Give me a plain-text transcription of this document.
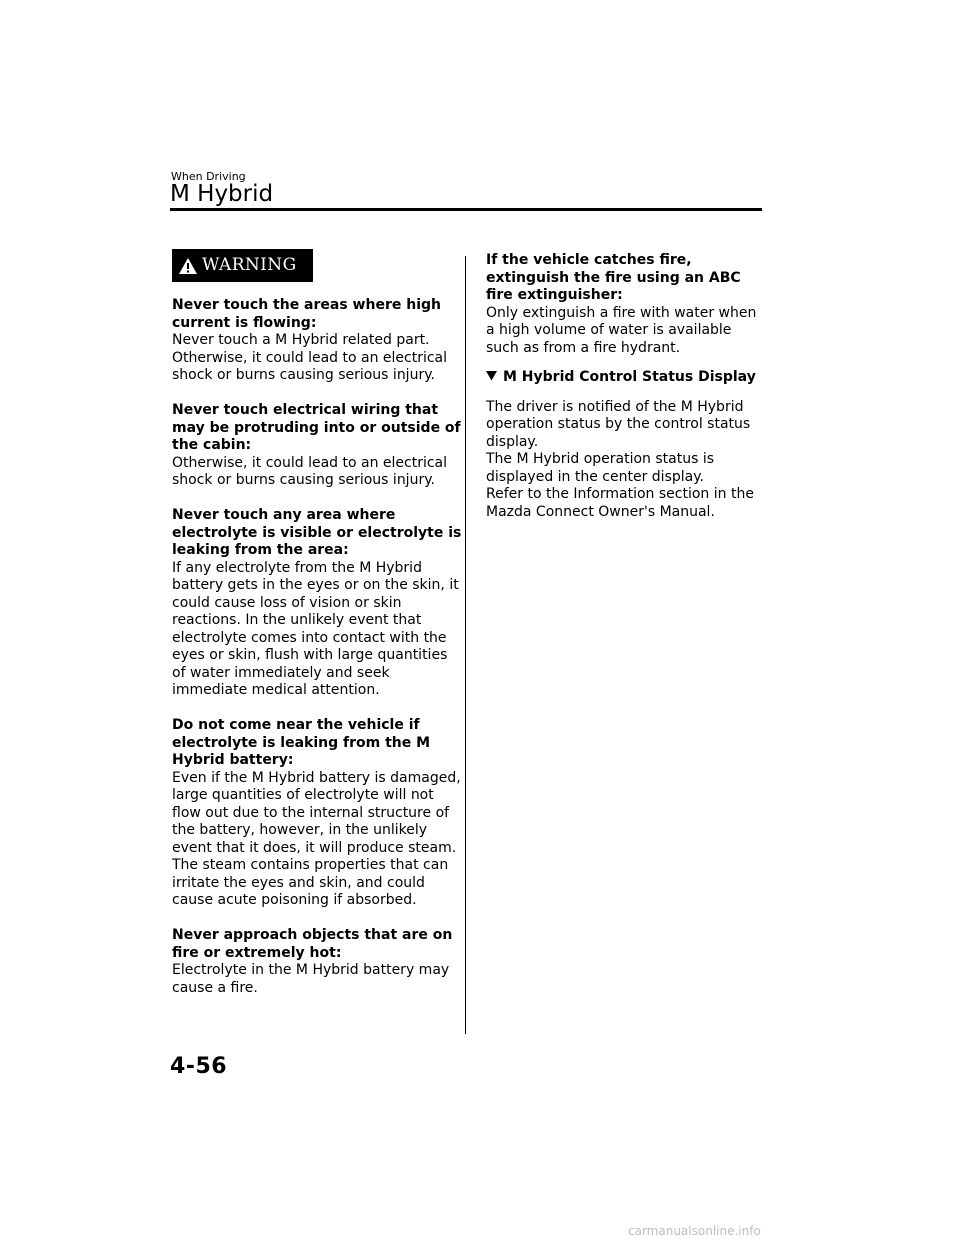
When Driving
M Hybrid
WARNING

Never touch the areas where high current is flowing:

Never touch a M Hybrid related part. Otherwise, it could lead to an electrical shock or burns causing serious injury.

Never touch electrical wiring that may be protruding into or outside of the cabin:

Otherwise, it could lead to an electrical shock or burns causing serious injury.

Never touch any area where electrolyte is visible or electrolyte is leaking from the area:

If any electrolyte from the M Hybrid battery gets in the eyes or on the skin, it could cause loss of vision or skin reactions. In the unlikely event that electrolyte comes into contact with the eyes or skin, flush with large quantities of water immediately and seek immediate medical attention.

Do not come near the vehicle if electrolyte is leaking from the M Hybrid battery:

Even if the M Hybrid battery is damaged, large quantities of electrolyte will not flow out due to the internal structure of the battery, however, in the unlikely event that it does, it will produce steam. The steam contains properties that can irritate the eyes and skin, and could cause acute poisoning if absorbed.

Never approach objects that are on fire or extremely hot:

Electrolyte in the M Hybrid battery may cause a fire.

If the vehicle catches fire, extinguish the fire using an ABC fire extinguisher:

Only extinguish a fire with water when a high volume of water is available such as from a fire hydrant.

M Hybrid Control Status Display

The driver is notified of the M Hybrid operation status by the control status display.

The M Hybrid operation status is displayed in the center display.

Refer to the Information section in the Mazda Connect Owner's Manual.

4-56
carmanualsonline.info
